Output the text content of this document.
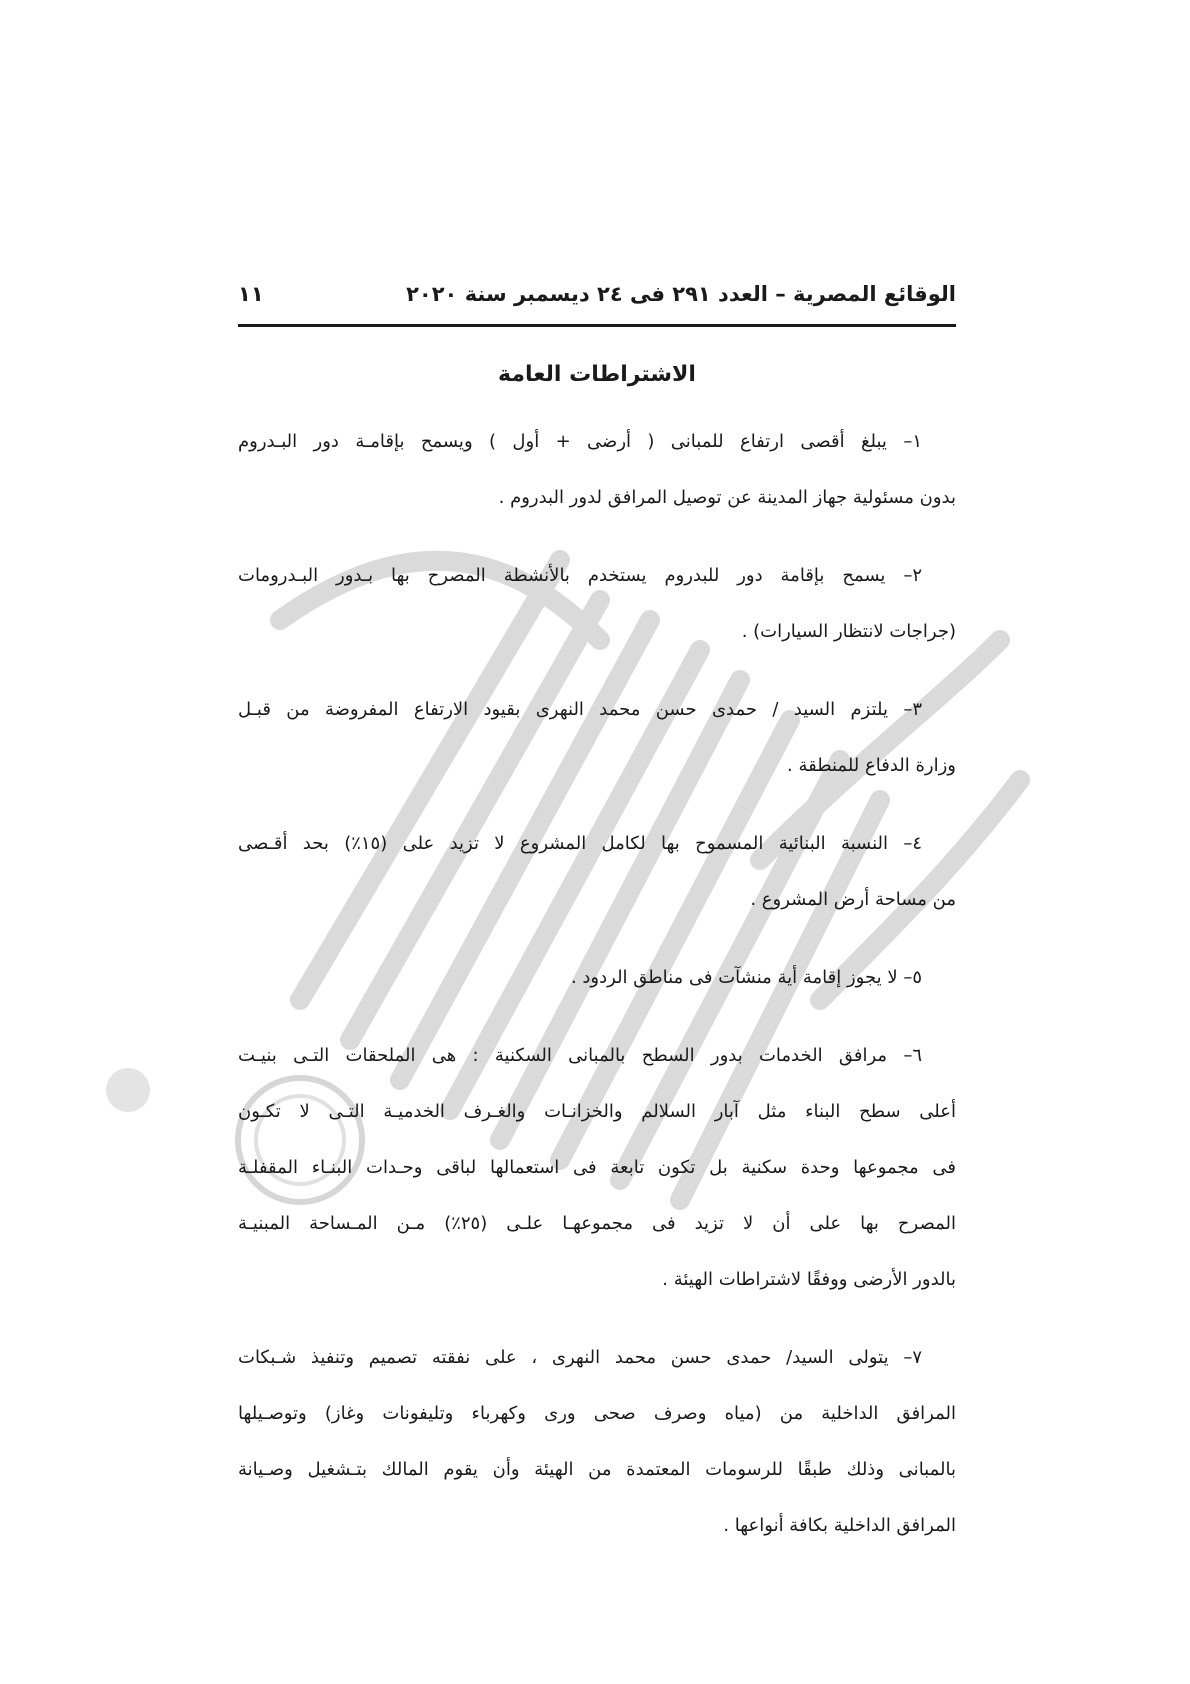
الوقائع المصرية – العدد ٢٩١ فى ٢٤ ديسمبر سنة ٢٠٢٠
١١
الاشتراطات العامة
١– يبلغ أقصى ارتفاع للمبانى ( أرضى + أول ) ويسمح بإقامـة دور البـدروم
بدون مسئولية جهاز المدينة عن توصيل المرافق لدور البدروم .
٢– يسمح بإقامة دور للبدروم يستخدم بالأنشطة المصرح بها بـدور البـدرومات
(جراجات لانتظار السيارات) .
٣– يلتزم السيد / حمدى حسن محمد النهرى بقيود الارتفاع المفروضة من قبـل
وزارة الدفاع للمنطقة .
٤– النسبة البنائية المسموح بها لكامل المشروع لا تزيد على (١٥٪) بحد أقـصى
من مساحة أرض المشروع .
٥– لا يجوز إقامة أية منشآت فى مناطق الردود .
٦– مرافق الخدمات بدور السطح بالمبانى السكنية : هى الملحقات التـى بنيـت
أعلى سطح البناء مثل آبار السلالم والخزانـات والغـرف الخدميـة التـى لا تكـون
فى مجموعها وحدة سكنية بل تكون تابعة فى استعمالها لباقى وحـدات البنـاء المقفلـة
المصرح بها على أن لا تزيد فى مجموعهـا علـى (٢٥٪) مـن المـساحة المبنيـة
بالدور الأرضى ووفقًا لاشتراطات الهيئة .
٧– يتولى السيد/ حمدى حسن محمد النهرى ، على نفقته تصميم وتنفيذ شـبكات
المرافق الداخلية من (مياه وصرف صحى ورى وكهرباء وتليفونات وغاز) وتوصـيلها
بالمبانى وذلك طبقًا للرسومات المعتمدة من الهيئة وأن يقوم المالك بتـشغيل وصـيانة
المرافق الداخلية بكافة أنواعها .
